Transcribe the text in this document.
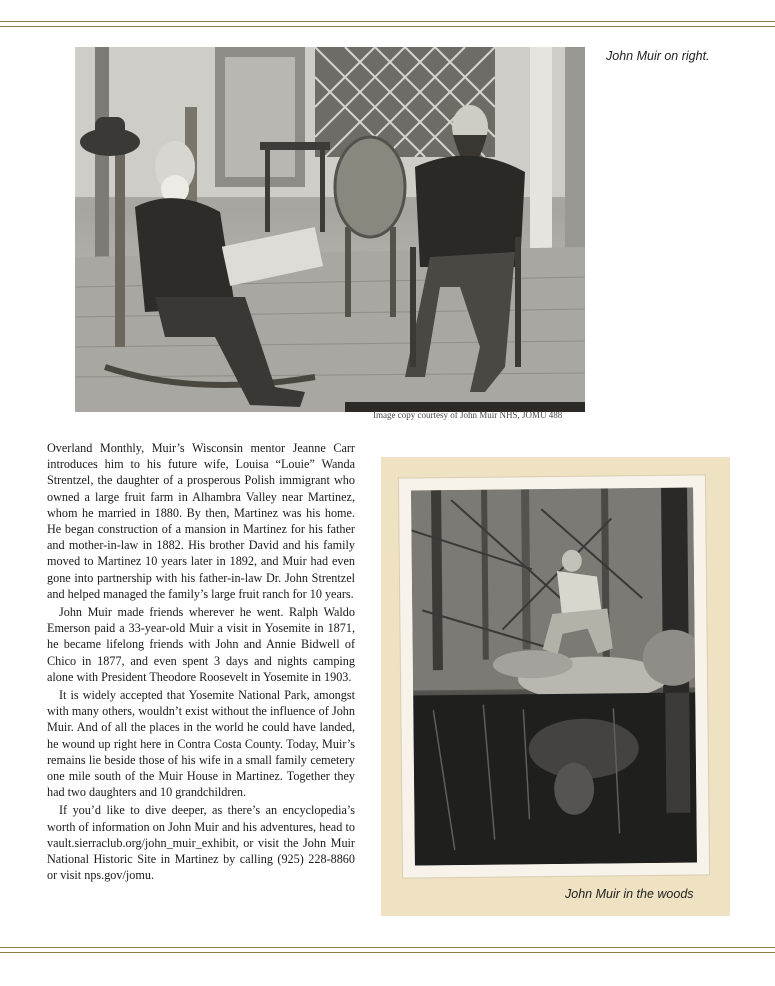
Image copy courtesy of John Muir NHS, JOMU 488
John Muir on right.

Overland Monthly, Muir’s Wisconsin mentor Jeanne Carr introduces him to his future wife, Louisa “Louie” Wanda Strentzel, the daughter of a prosperous Polish immigrant who owned a large fruit farm in Alhambra Valley near Martinez, whom he married in 1880. By then, Martinez was his home. He began construction of a mansion in Martinez for his father and mother-in-law in 1882. His brother David and his family moved to Martinez 10 years later in 1892, and Muir had even gone into partnership with his father-in-law Dr. John Strentzel and helped managed the family’s large fruit ranch for 10 years.

John Muir made friends wherever he went. Ralph Waldo Emerson paid a 33-year-old Muir a visit in Yosemite in 1871, he became lifelong friends with John and Annie Bidwell of Chico in 1877, and even spent 3 days and nights camping alone with President Theodore Roosevelt in Yosemite in 1903.

It is widely accepted that Yosemite National Park, amongst with many others, wouldn’t exist without the influence of John Muir. And of all the places in the world he could have landed, he wound up right here in Contra Costa County. Today, Muir’s remains lie beside those of his wife in a small family cemetery one mile south of the Muir House in Martinez. Together they had two daughters and 10 grandchildren.

If you’d like to dive deeper, as there’s an encyclopedia’s worth of information on John Muir and his adventures, head to vault.sierraclub.org/john_muir_exhibit, or visit the John Muir National Historic Site in Martinez by calling (925) 228-8860 or visit nps.gov/jomu.

John Muir in the woods
